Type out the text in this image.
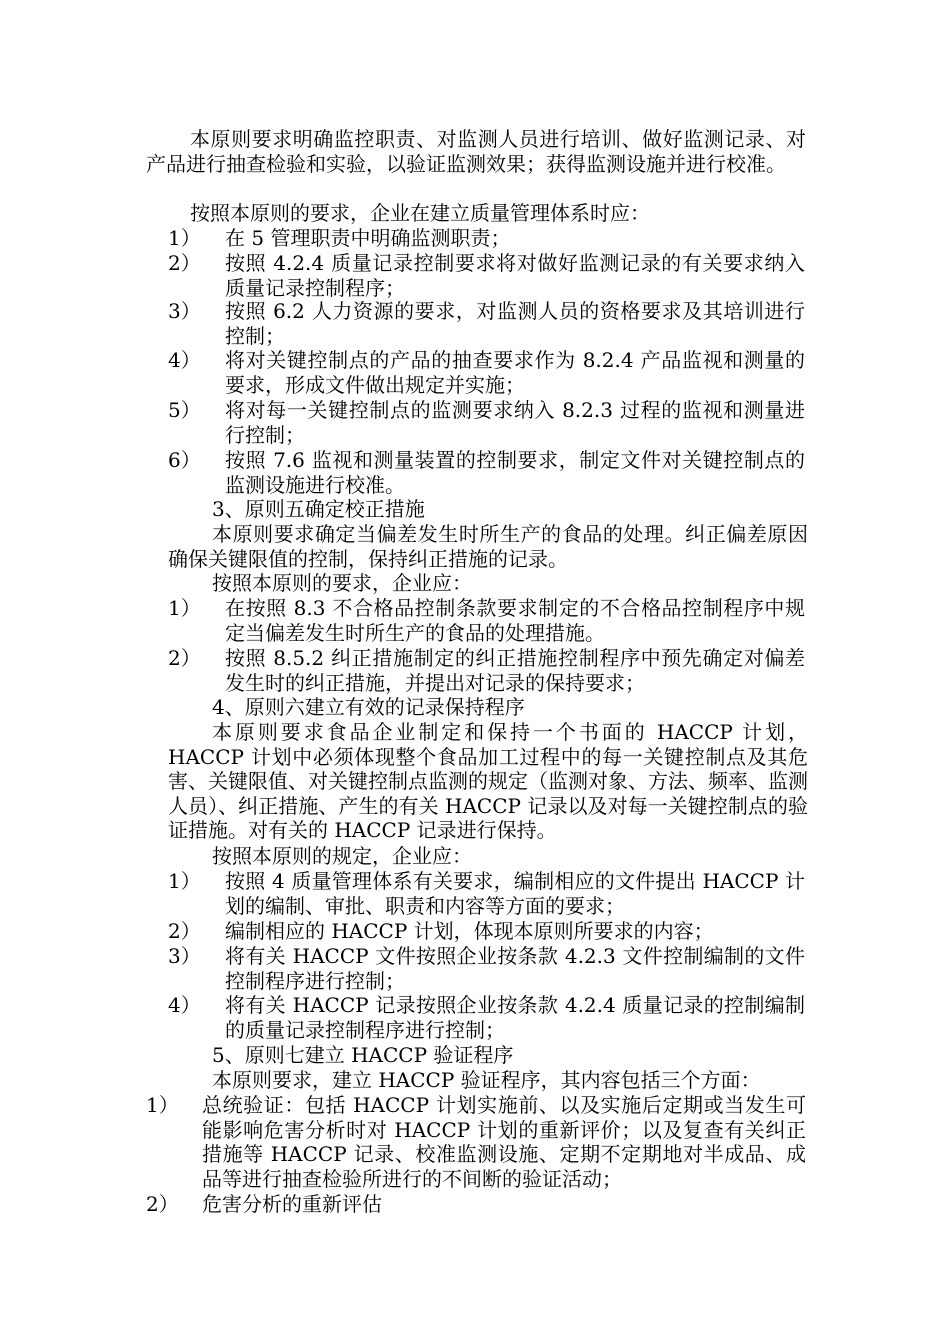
本原则要求明确监控职责、对监测人员进行培训、做好监测记录、对产品进行抽查检验和实验，以验证监测效果；获得监测设施并进行校准。

按照本原则的要求，企业在建立质量管理体系时应：

1） 在 5 管理职责中明确监测职责；
2） 按照 4.2.4 质量记录控制要求将对做好监测记录的有关要求纳入质量记录控制程序；
3） 按照 6.2 人力资源的要求，对监测人员的资格要求及其培训进行控制；
4） 将对关键控制点的产品的抽查要求作为 8.2.4 产品监视和测量的要求，形成文件做出规定并实施；
5） 将对每一关键控制点的监测要求纳入 8.2.3 过程的监视和测量进行控制；
6） 按照 7.6 监视和测量装置的控制要求，制定文件对关键控制点的监测设施进行校准。

3、原则五确定校正措施

本原则要求确定当偏差发生时所生产的食品的处理。纠正偏差原因确保关键限值的控制，保持纠正措施的记录。

按照本原则的要求，企业应：

1） 在按照 8.3 不合格品控制条款要求制定的不合格品控制程序中规定当偏差发生时所生产的食品的处理措施。
2） 按照 8.5.2 纠正措施制定的纠正措施控制程序中预先确定对偏差发生时的纠正措施，并提出对记录的保持要求；

4、原则六建立有效的记录保持程序

本原则要求食品企业制定和保持一个书面的 HACCP 计划，HACCP 计划中必须体现整个食品加工过程中的每一关键控制点及其危害、关键限值、对关键控制点监测的规定（监测对象、方法、频率、监测人员）、纠正措施、产生的有关 HACCP 记录以及对每一关键控制点的验证措施。对有关的 HACCP 记录进行保持。

按照本原则的规定，企业应：

1） 按照 4 质量管理体系有关要求，编制相应的文件提出 HACCP 计划的编制、审批、职责和内容等方面的要求；
2） 编制相应的 HACCP 计划，体现本原则所要求的内容；
3） 将有关 HACCP 文件按照企业按条款 4.2.3 文件控制编制的文件控制程序进行控制；
4） 将有关 HACCP 记录按照企业按条款 4.2.4 质量记录的控制编制的质量记录控制程序进行控制；

5、原则七建立 HACCP 验证程序

本原则要求，建立 HACCP 验证程序，其内容包括三个方面：

1） 总统验证：包括 HACCP 计划实施前、以及实施后定期或当发生可能影响危害分析时对 HACCP 计划的重新评价；以及复查有关纠正措施等 HACCP 记录、校准监测设施、定期不定期地对半成品、成品等进行抽查检验所进行的不间断的验证活动；
2） 危害分析的重新评估
